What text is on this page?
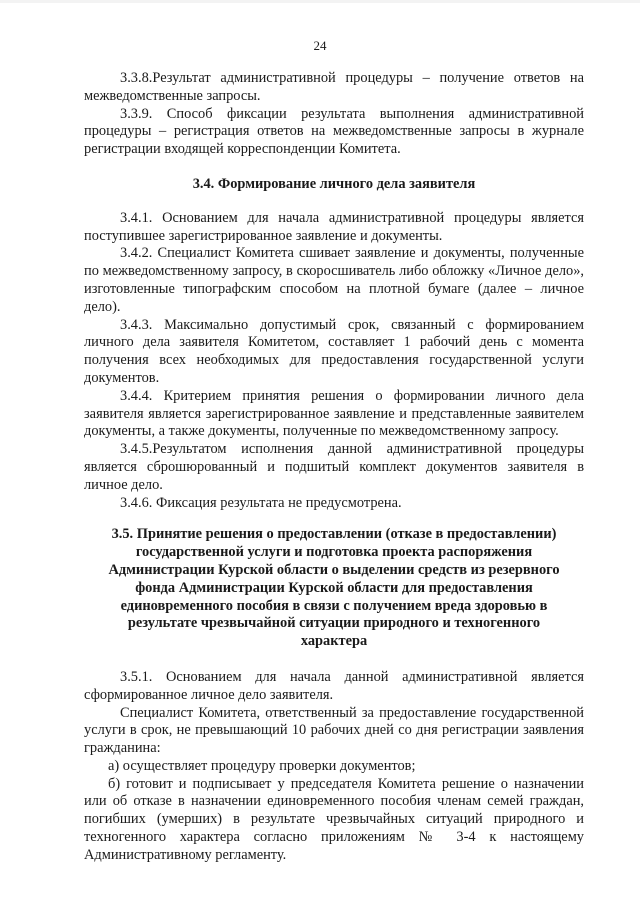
24

3.3.8.Результат административной процедуры – получение ответов на межведомственные запросы.

3.3.9. Способ фиксации результата выполнения административной процедуры – регистрация ответов на межведомственные запросы в журнале регистрации входящей корреспонденции Комитета.

3.4. Формирование личного дела заявителя

3.4.1. Основанием для начала административной процедуры является поступившее зарегистрированное заявление и документы.

3.4.2. Специалист Комитета сшивает заявление и документы, полученные по межведомственному запросу, в скоросшиватель либо обложку «Личное дело», изготовленные типографским способом на плотной бумаге (далее – личное дело).

3.4.3. Максимально допустимый срок, связанный с формированием личного дела заявителя Комитетом, составляет 1 рабочий день с момента получения всех необходимых для предоставления государственной услуги документов.

3.4.4. Критерием принятия решения о формировании личного дела заявителя является зарегистрированное заявление и представленные заявителем документы, а также документы, полученные по межведомственному запросу.

3.4.5.Результатом исполнения данной административной процедуры является сброшюрованный и подшитый комплект документов заявителя в личное дело.

3.4.6. Фиксация результата не предусмотрена.

3.5. Принятие решения о предоставлении (отказе в предоставлении) государственной услуги и подготовка проекта распоряжения Администрации Курской области о выделении средств из резервного фонда Администрации Курской области для предоставления единовременного пособия в связи с получением вреда здоровью в результате чрезвычайной ситуации природного и техногенного характера

3.5.1. Основанием для начала данной административной является сформированное личное дело заявителя.

Специалист Комитета, ответственный за предоставление государственной услуги в срок, не превышающий 10 рабочих дней со дня регистрации заявления гражданина:

а) осуществляет процедуру проверки документов;

б) готовит и подписывает у председателя Комитета решение о назначении или об отказе в назначении единовременного пособия членам семей граждан, погибших (умерших) в результате чрезвычайных ситуаций природного и техногенного характера согласно приложениям № 3-4 к настоящему Административному регламенту.
